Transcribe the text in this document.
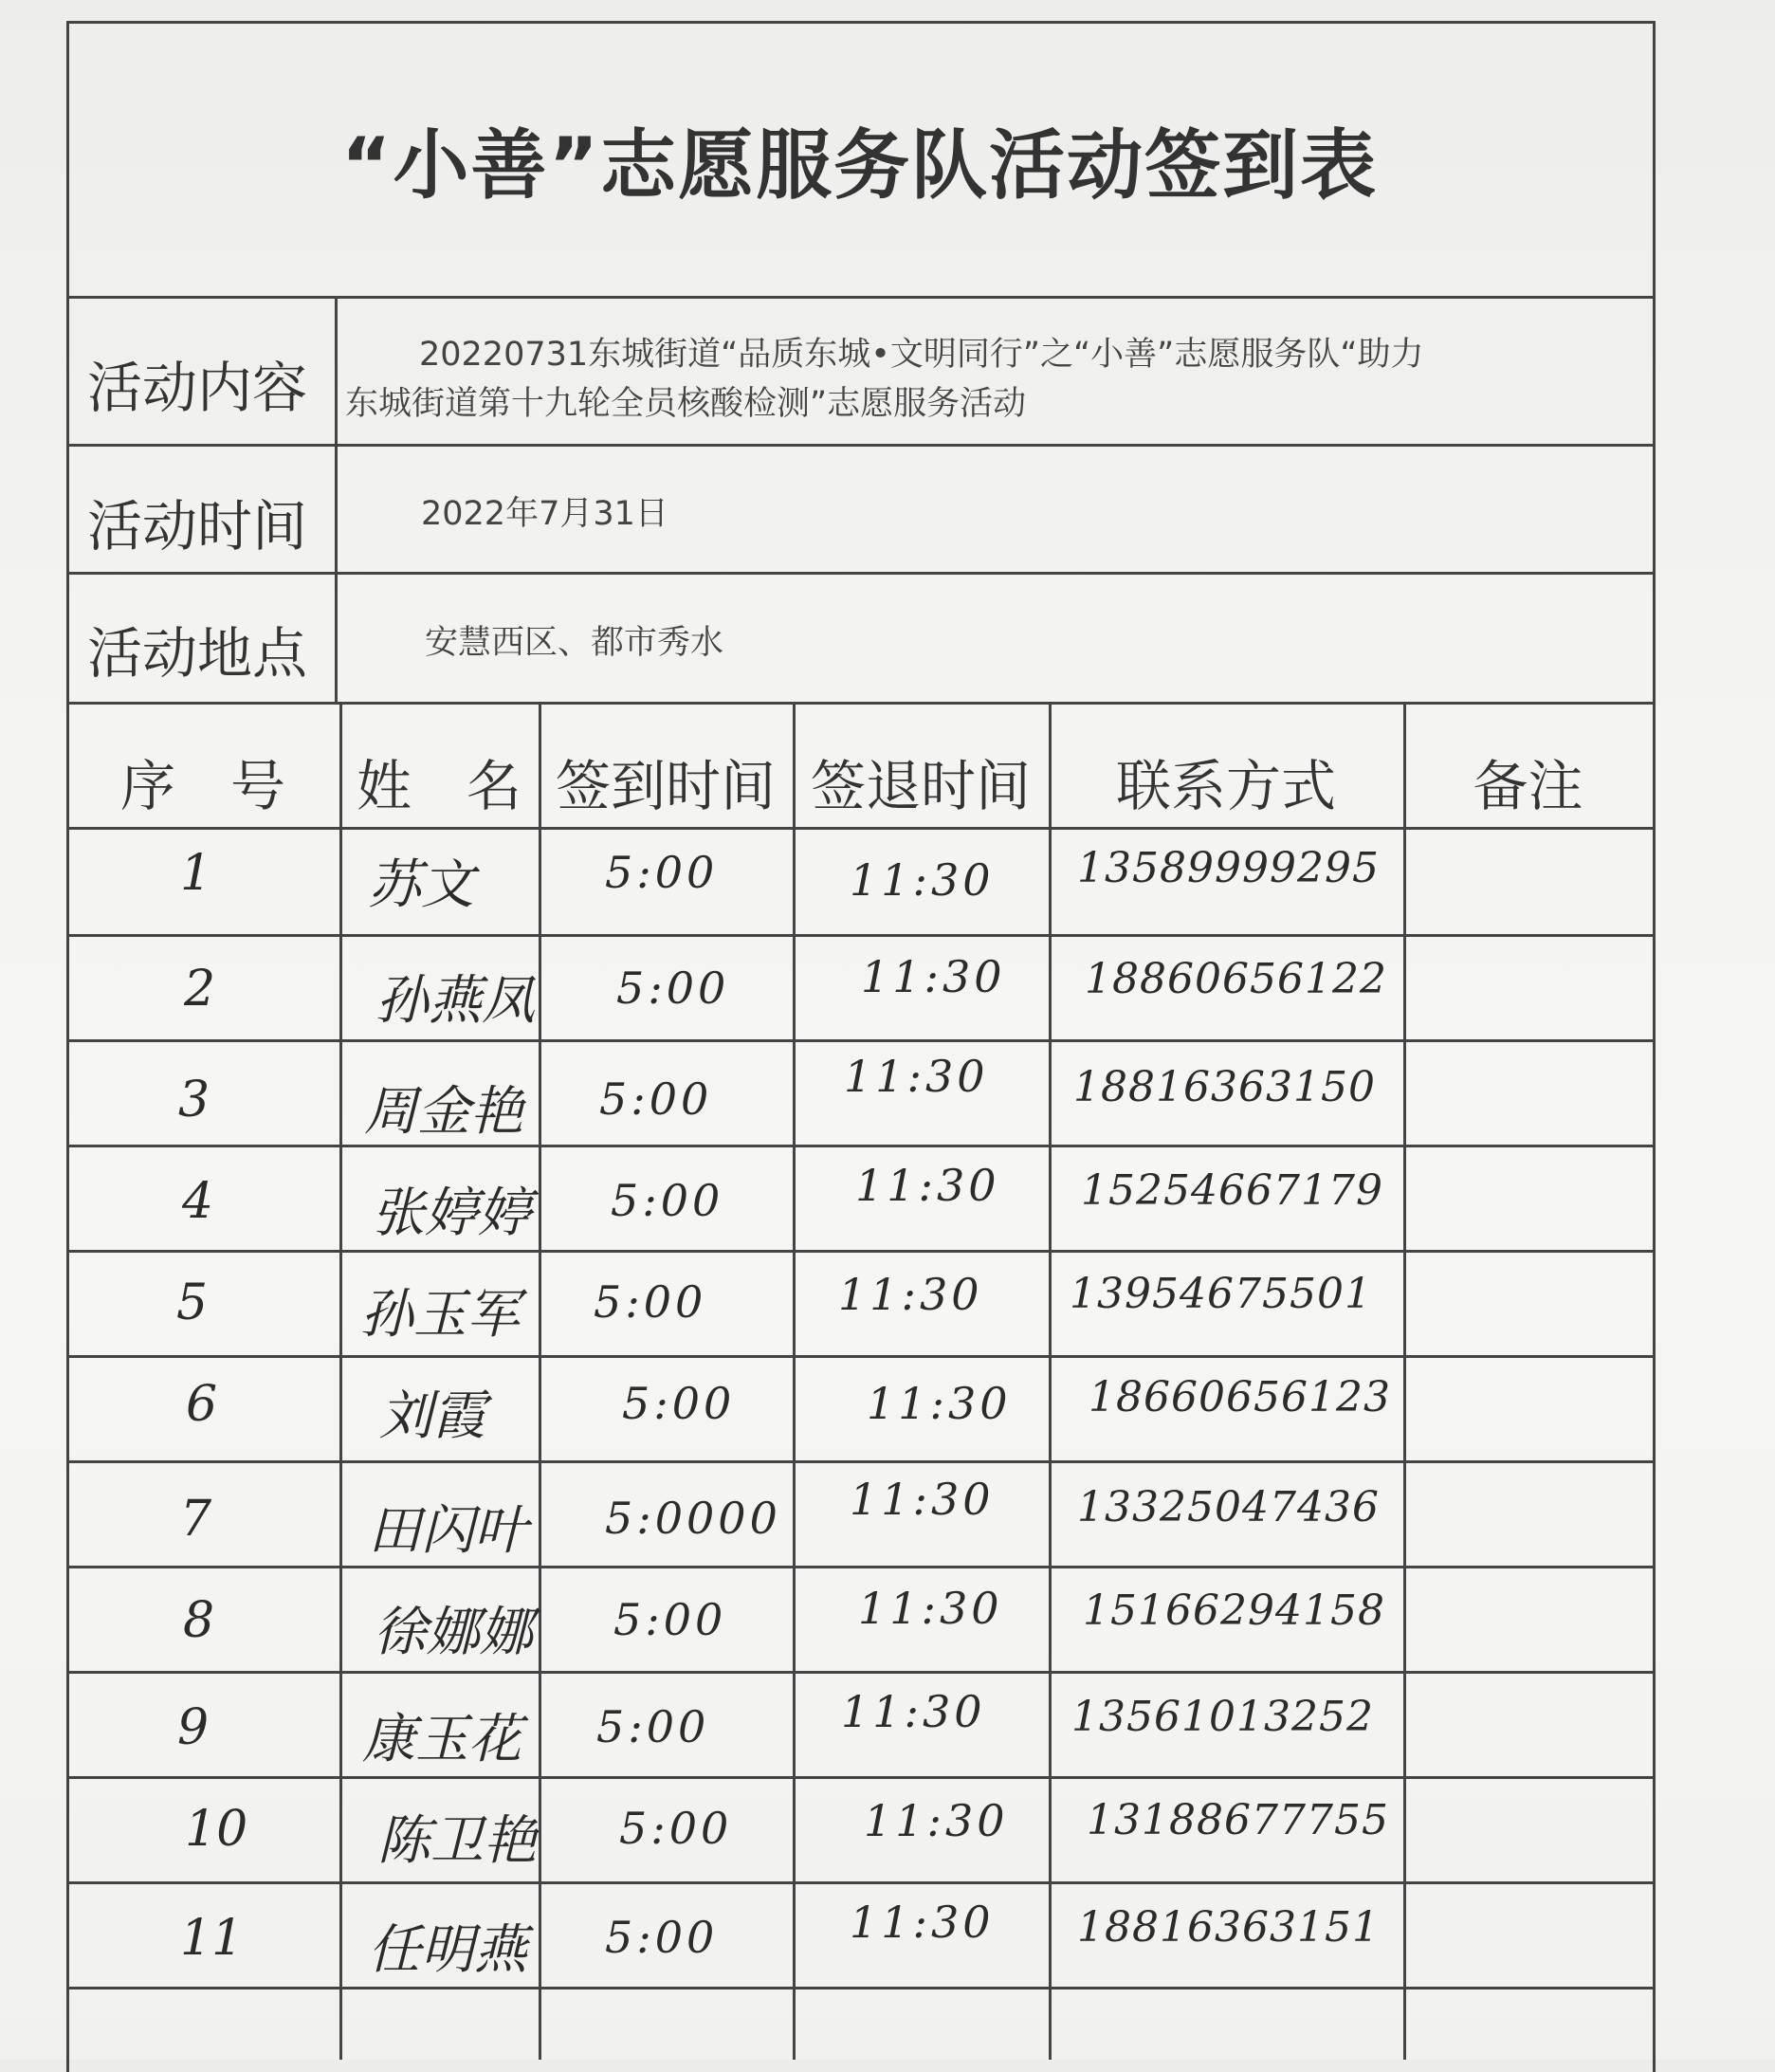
“小善”志愿服务队活动签到表
活动内容
20220731东城街道“品质东城•文明同行”之“小善”志愿服务队“助力
东城街道第十九轮全员核酸检测”志愿服务活动
活动时间	2022年7月31日
活动地点	安慧西区、都市秀水
序　号	姓　名 签到时间 签退时间	联系方式	备注
1	苏文	5:00	11:30 13589999295
2	孙燕凤 5:00	11:30 18860656122
3	周金艳 5:00	11:30 18816363150
4	张婷婷 5:00	11:30 15254667179
5	孙玉军 5:00	11:30 13954675501
6	刘霞	5:00	11:30 18660656123
7	田闪叶 5:0000 11:30 13325047436
8	徐娜娜 5:00	11:30 15166294158
9	康玉花 5:00	11:30 13561013252
10 陈卫艳 5:00	11:30 13188677755
11 任明燕 5:00	11:30 18816363151
